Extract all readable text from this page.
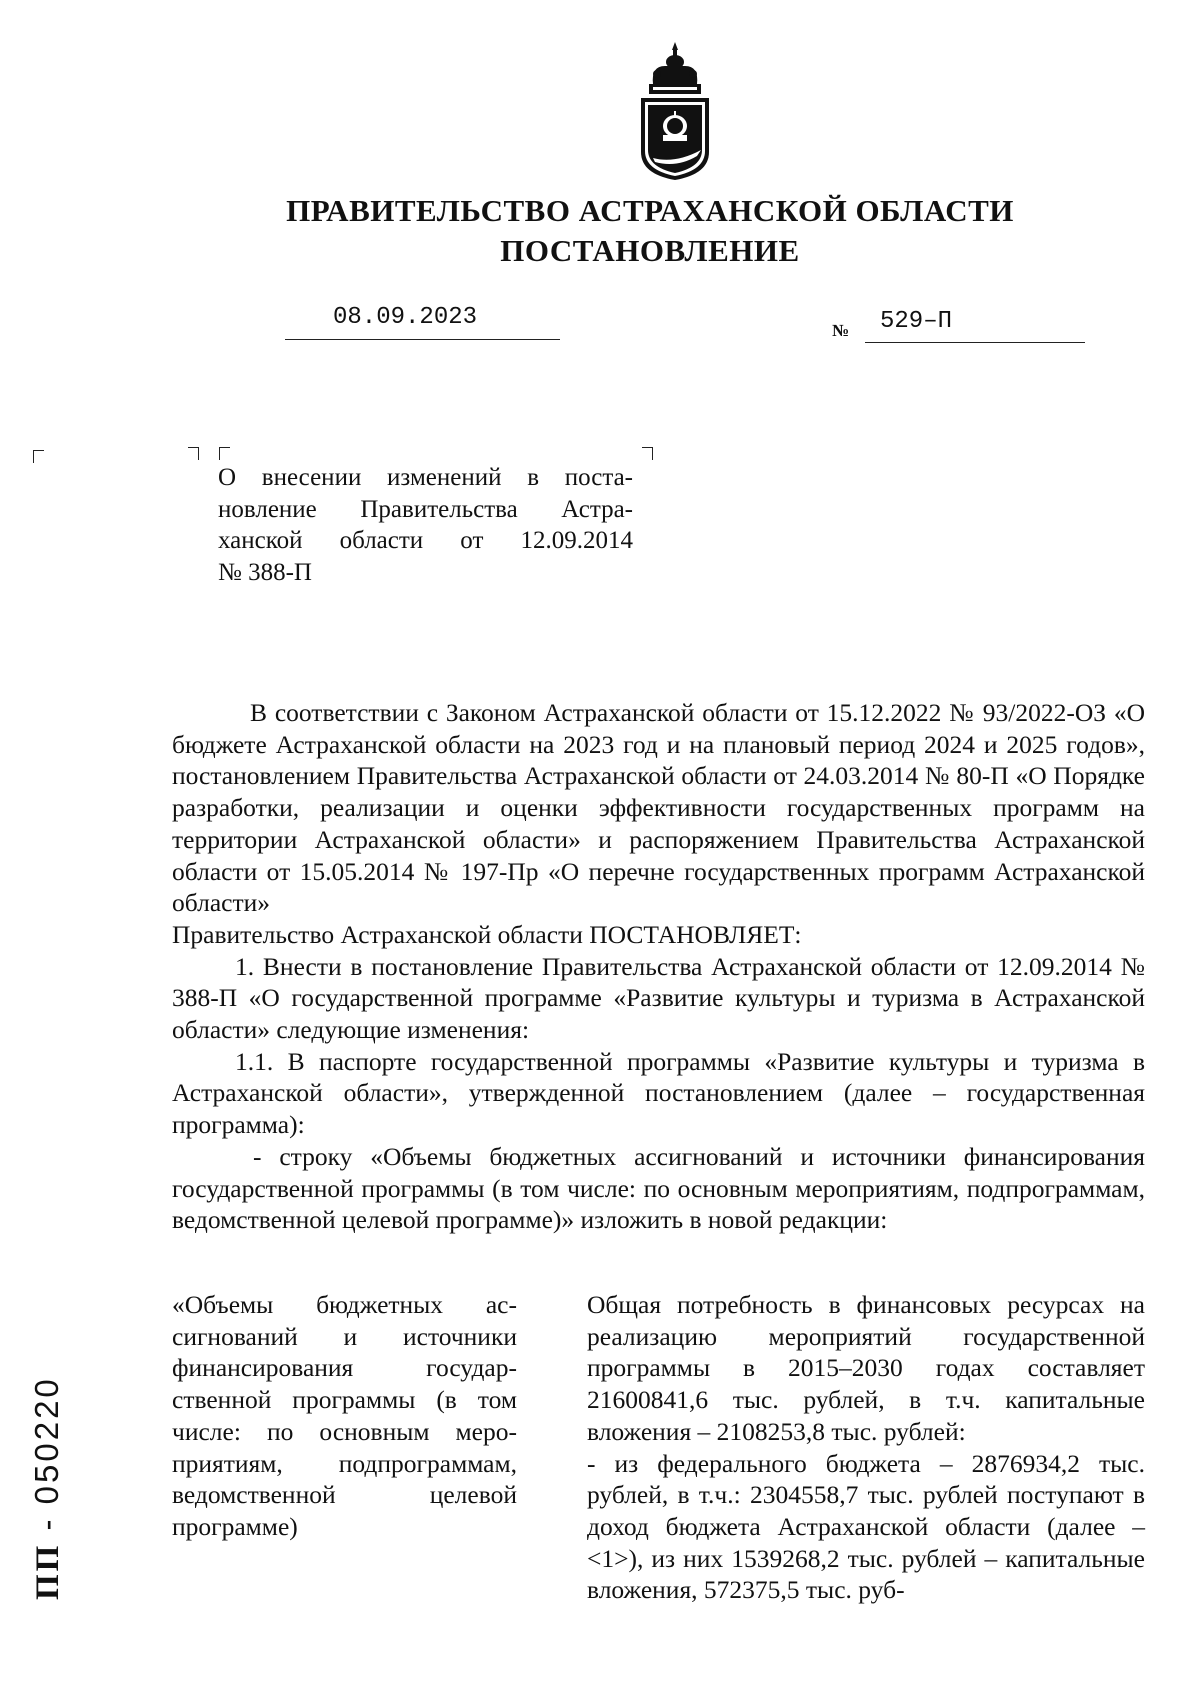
ПРАВИТЕЛЬСТВО АСТРАХАНСКОЙ ОБЛАСТИ
ПОСТАНОВЛЕНИЕ
08.09.2023	№ 529–П
О внесении изменений в поста-
новление Правительства Астра-
ханской области от 12.09.2014
№ 388-П

В соответствии с Законом Астраханской области от 15.12.2022 № 93/2022-ОЗ «О бюджете Астраханской области на 2023 год и на плановый период 2024 и 2025 годов», постановлением Правительства Астраханской области от 24.03.2014 № 80-П «О Порядке разработки, реализации и оценки эффективности государственных программ на территории Астраханской области» и распоряжением Правительства Астраханской области от 15.05.2014 № 197-Пр «О перечне государственных программ Астраханской области»

Правительство Астраханской области ПОСТАНОВЛЯЕТ:

1. Внести в постановление Правительства Астраханской области от 12.09.2014 № 388-П «О государственной программе «Развитие культуры и туризма в Астраханской области» следующие изменения:

1.1. В паспорте государственной программы «Развитие культуры и туризма в Астраханской области», утвержденной постановлением (далее – государственная программа):

- строку «Объемы бюджетных ассигнований и источники финансирования государственной программы (в том числе: по основным мероприятиям, подпрограммам, ведомственной целевой программе)» изложить в новой редакции:

«Объемы бюджетных ас-
сигнований и источники
финансирования государ-
ственной программы (в том
числе: по основным меро-
приятиям, подпрограммам,
ведомственной целевой
программе)

Общая потребность в финансовых ресурсах на реализацию мероприятий государственной программы в 2015–2030 годах составляет 21600841,6 тыс. рублей, в т.ч. капитальные вложения – 2108253,8 тыс. рублей:

- из федерального бюджета – 2876934,2 тыс. рублей, в т.ч.: 2304558,7 тыс. рублей поступают в доход бюджета Астраханской области (далее – <1>), из них 1539268,2 тыс. рублей – капитальные вложения, 572375,5 тыс. руб-

ПП - 050220
